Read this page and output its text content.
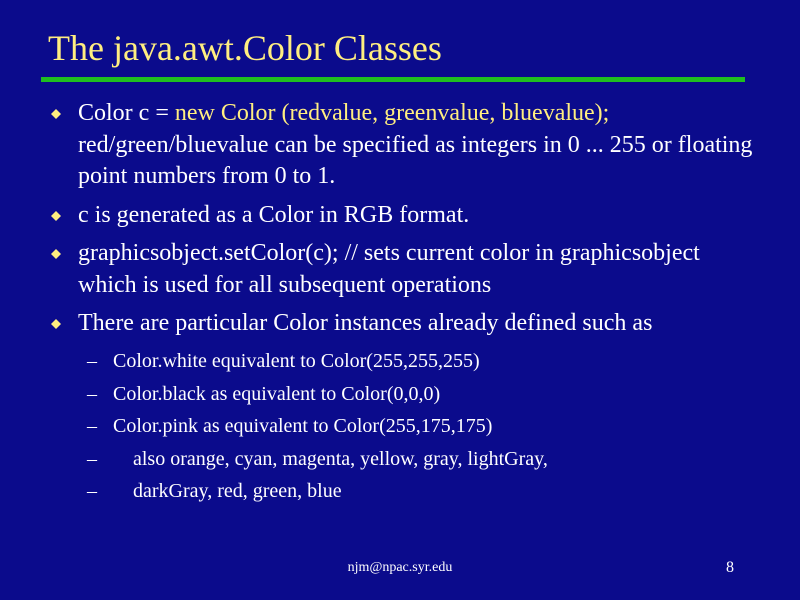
The java.awt.Color Classes
Color c = new Color (redvalue, greenvalue, bluevalue); red/green/bluevalue can be specified as integers in 0 ... 255 or floating point numbers from 0 to 1.
c is generated as a Color in RGB format.
graphicsobject.setColor(c); // sets current color in graphicsobject which is used for all subsequent operations
There are particular Color instances already defined such as
– Color.white equivalent to Color(255,255,255)
– Color.black as equivalent to Color(0,0,0)
– Color.pink as equivalent to Color(255,175,175)
– also orange, cyan, magenta, yellow, gray, lightGray,
– darkGray, red, green, blue
njm@npac.syr.edu	8
